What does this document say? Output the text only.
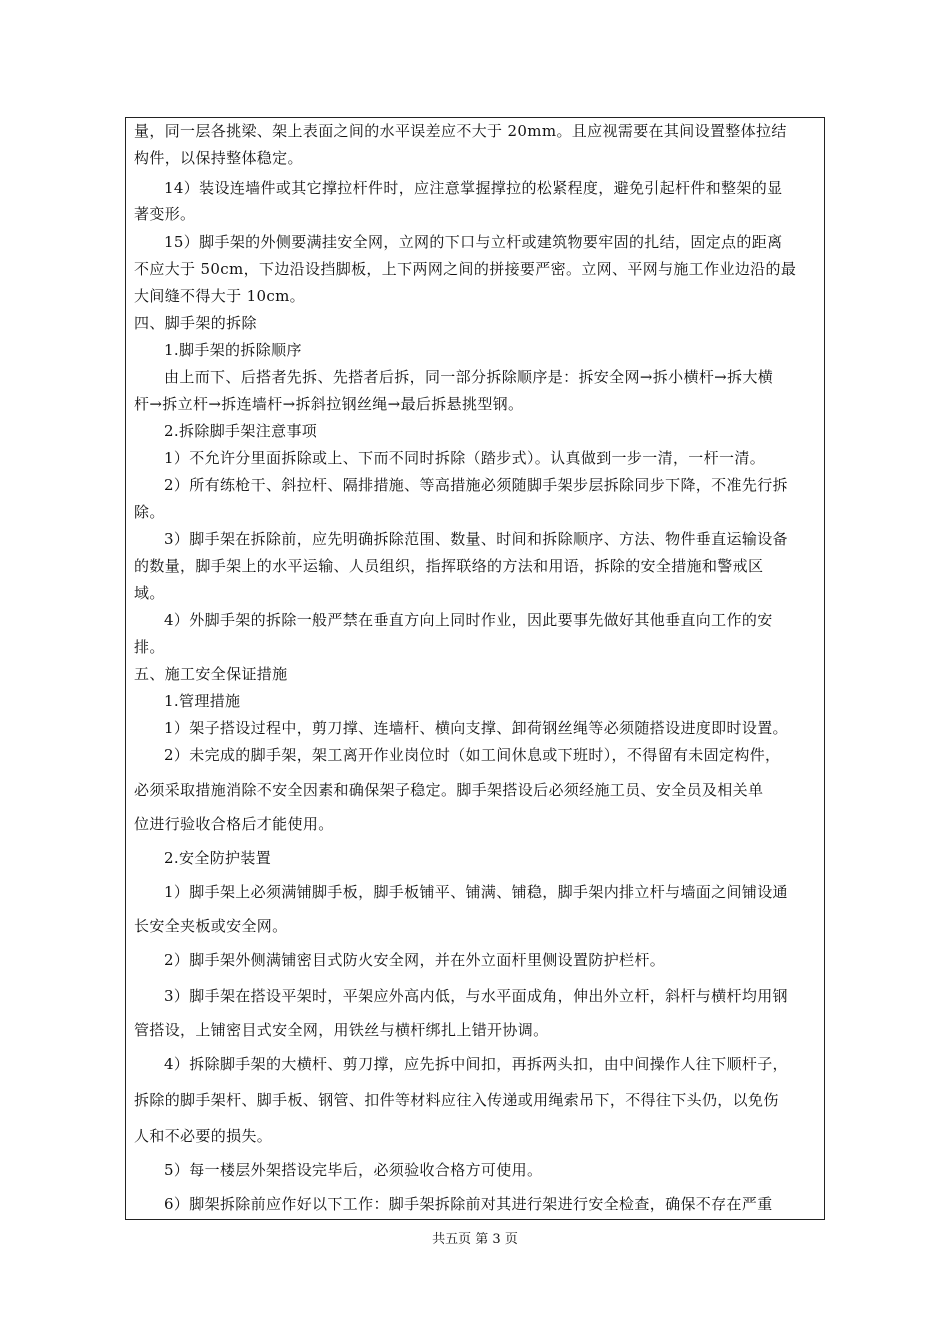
量，同一层各挑梁、架上表面之间的水平误差应不大于 20mm。且应视需要在其间设置整体拉结
构件，以保持整体稳定。
14）装设连墙件或其它撑拉杆件时，应注意掌握撑拉的松紧程度，避免引起杆件和整架的显
著变形。
15）脚手架的外侧要满挂安全网，立网的下口与立杆或建筑物要牢固的扎结，固定点的距离
不应大于 50cm，下边沿设挡脚板，上下两网之间的拼接要严密。立网、平网与施工作业边沿的最
大间缝不得大于 10cm。
四、脚手架的拆除
1.脚手架的拆除顺序
由上而下、后搭者先拆、先搭者后拆，同一部分拆除顺序是：拆安全网→拆小横杆→拆大横
杆→拆立杆→拆连墙杆→拆斜拉钢丝绳→最后拆悬挑型钢。
2.拆除脚手架注意事项
1）不允许分里面拆除或上、下而不同时拆除（踏步式）。认真做到一步一清，一杆一清。
2）所有练枪干、斜拉杆、隔排措施、等高措施必须随脚手架步层拆除同步下降，不准先行拆
除。
3）脚手架在拆除前，应先明确拆除范围、数量、时间和拆除顺序、方法、物件垂直运输设备
的数量，脚手架上的水平运输、人员组织，指挥联络的方法和用语，拆除的安全措施和警戒区
域。
4）外脚手架的拆除一般严禁在垂直方向上同时作业，因此要事先做好其他垂直向工作的安
排。
五、施工安全保证措施
1.管理措施
1）架子搭设过程中，剪刀撑、连墙杆、横向支撑、卸荷钢丝绳等必须随搭设进度即时设置。
2）未完成的脚手架，架工离开作业岗位时（如工间休息或下班时），不得留有未固定构件，
必须采取措施消除不安全因素和确保架子稳定。脚手架搭设后必须经施工员、安全员及相关单
位进行验收合格后才能使用。
2.安全防护装置
1）脚手架上必须满铺脚手板，脚手板铺平、铺满、铺稳，脚手架内排立杆与墙面之间铺设通
长安全夹板或安全网。
2）脚手架外侧满铺密目式防火安全网，并在外立面杆里侧设置防护栏杆。
3）脚手架在搭设平架时，平架应外高内低，与水平面成角，伸出外立杆，斜杆与横杆均用钢
管搭设，上铺密目式安全网，用铁丝与横杆绑扎上错开协调。
4）拆除脚手架的大横杆、剪刀撑，应先拆中间扣，再拆两头扣，由中间操作人往下顺杆子，
拆除的脚手架杆、脚手板、钢管、扣件等材料应往入传递或用绳索吊下，不得往下头仍，以免伤
人和不必要的损失。
5）每一楼层外架搭设完毕后，必须验收合格方可使用。
6）脚架拆除前应作好以下工作：脚手架拆除前对其进行架进行安全检查，确保不存在严重
共五页 第 3 页
